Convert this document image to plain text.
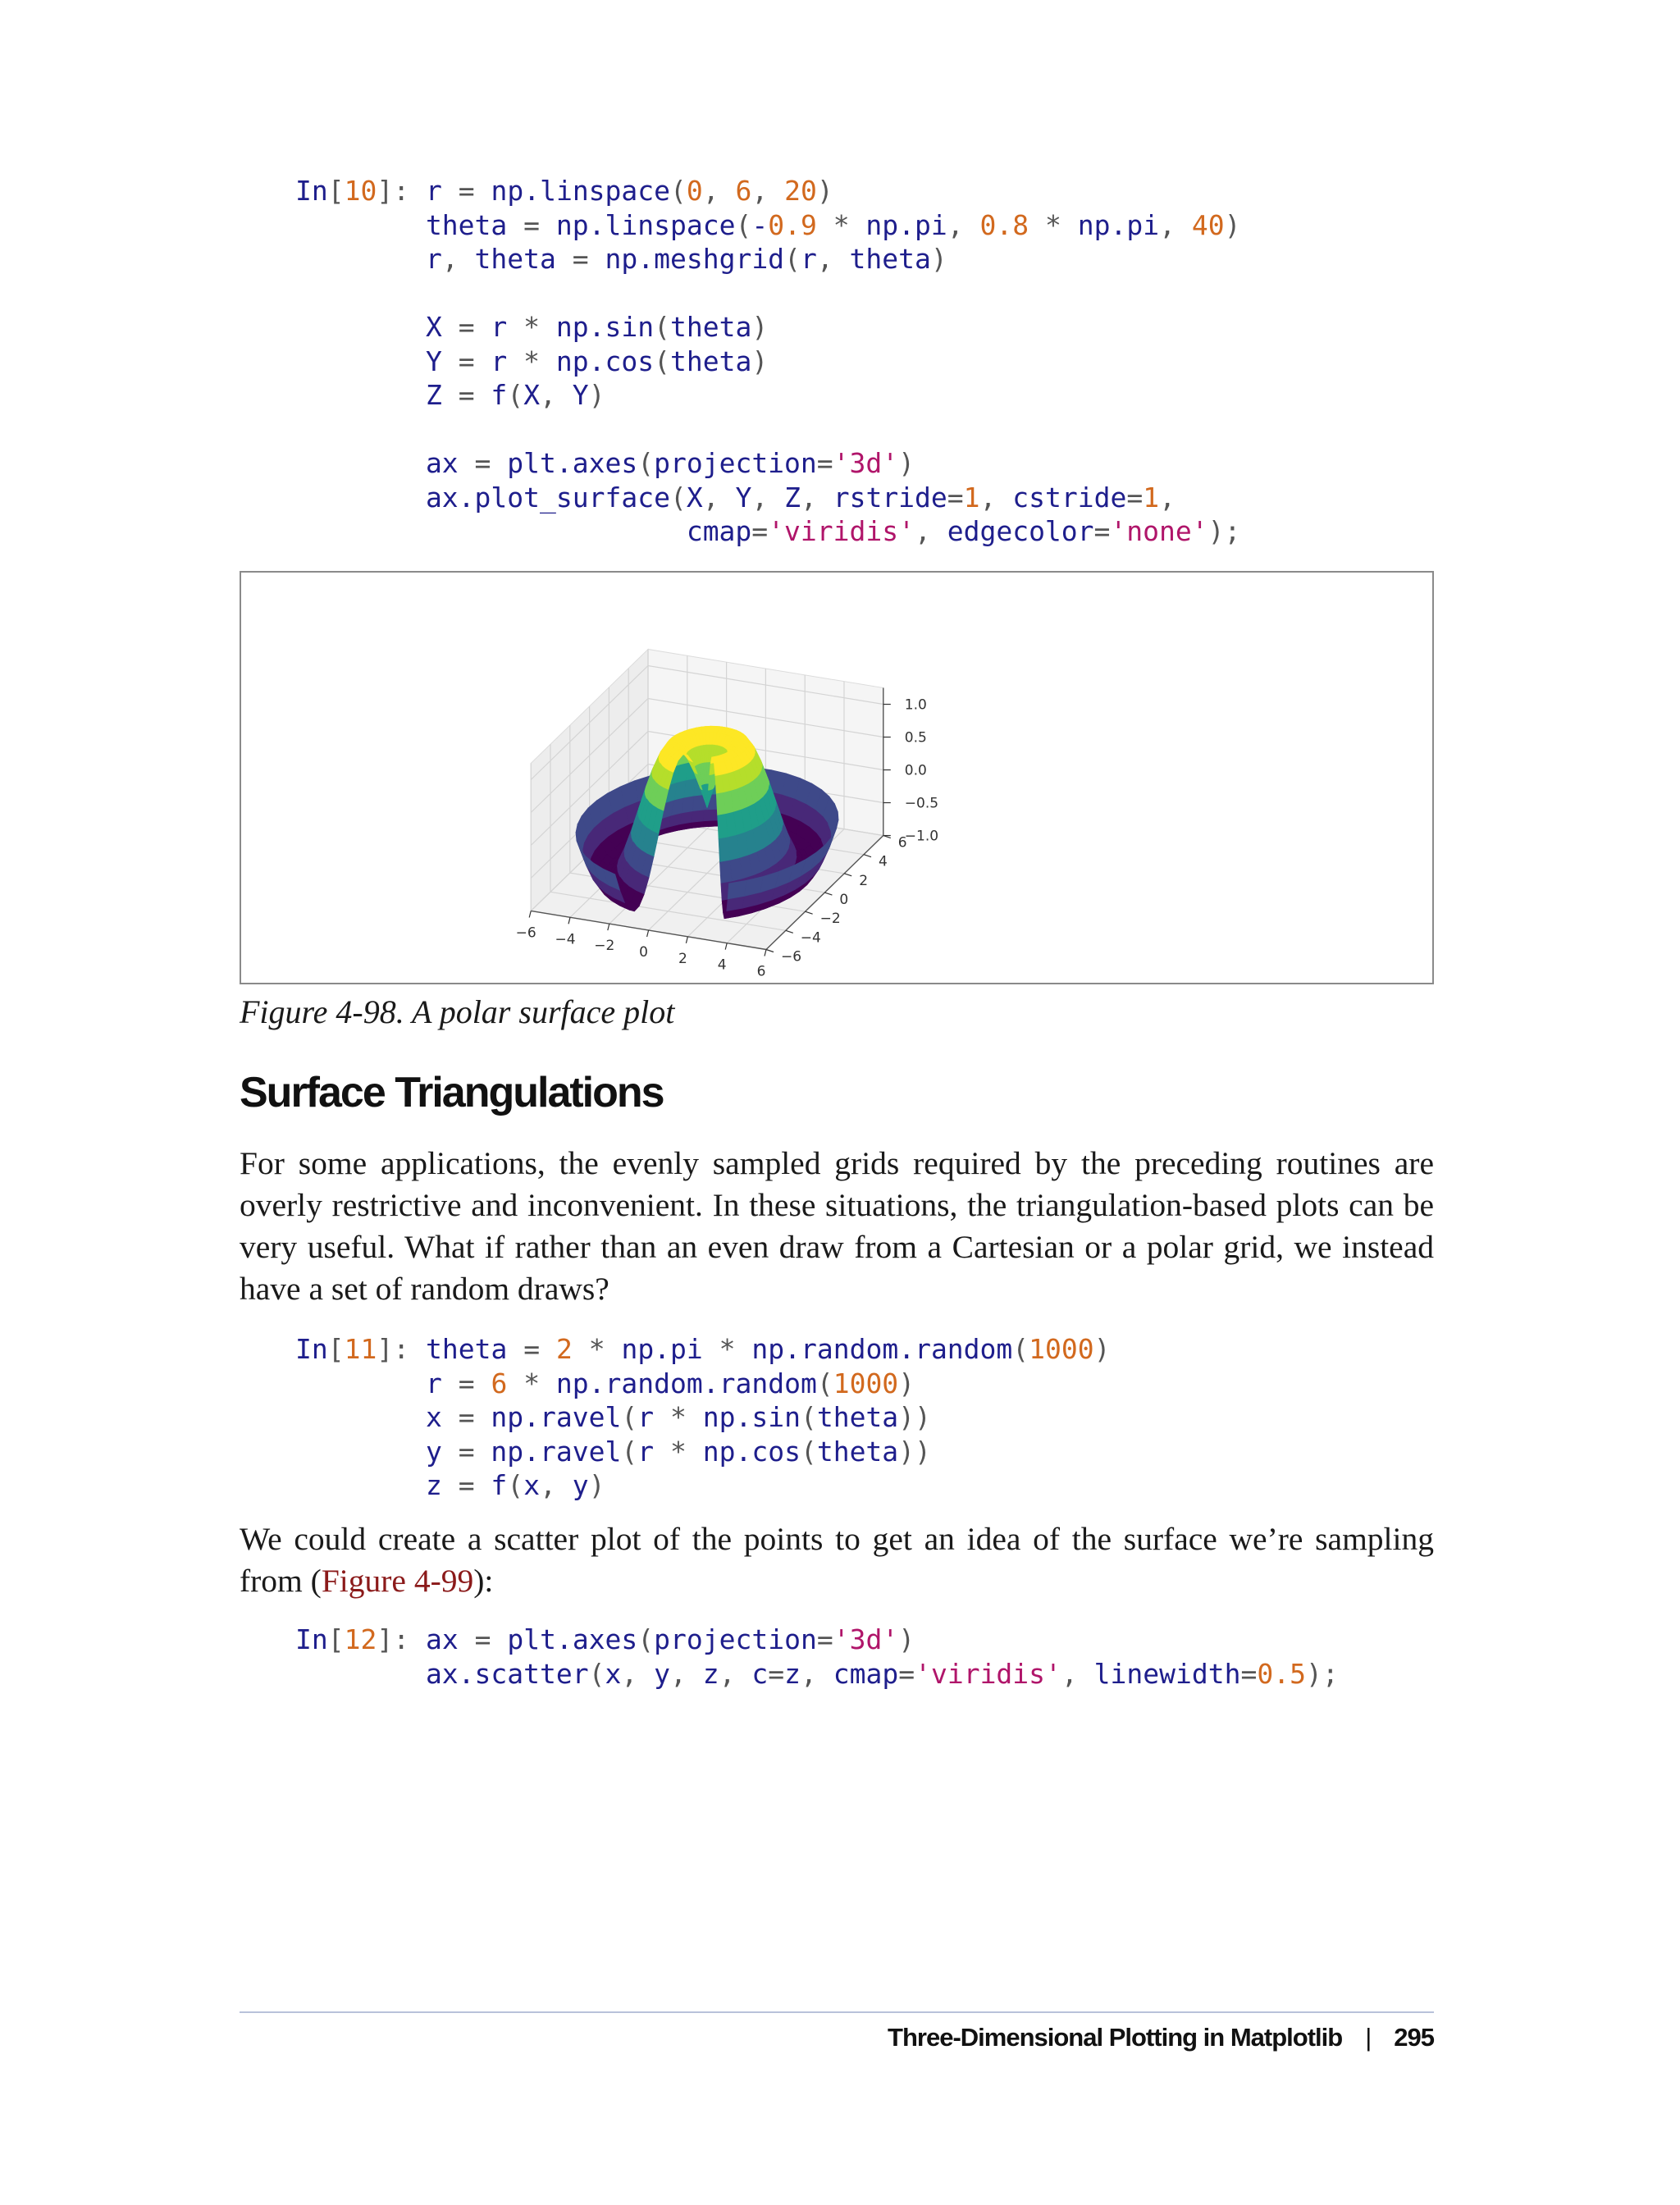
In[10]: r = np.linspace(0, 6, 20)
theta = np.linspace(-0.9 * np.pi, 0.8 * np.pi, 40)
r, theta = np.meshgrid(r, theta)
X = r * np.sin(theta)
Y = r * np.cos(theta)
Z = f(X, Y)
ax = plt.axes(projection='3d')
ax.plot_surface(X, Y, Z, rstride=1, cstride=1,
cmap='viridis', edgecolor='none');
−6 −4 −2 0 2 4 6
−6
−4
−2
0
2
4
6
1.0
0.5
0.0
−0.5
−1.0
Figure 4-98. A polar surface plot
Surface Triangulations

For some applications, the evenly sampled grids required by the preceding routines are overly restrictive and inconvenient. In these situations, the triangulation-based plots can be very useful. What if rather than an even draw from a Cartesian or a polar grid, we instead have a set of random draws?

In[11]: theta = 2 * np.pi * np.random.random(1000)
r = 6 * np.random.random(1000)
x = np.ravel(r * np.sin(theta))
y = np.ravel(r * np.cos(theta))
z = f(x, y)

We could create a scatter plot of the points to get an idea of the surface we’re sampling from (Figure 4-99):

In[12]: ax = plt.axes(projection='3d')
ax.scatter(x, y, z, c=z, cmap='viridis', linewidth=0.5);
Three-Dimensional Plotting in Matplotlib | 295
